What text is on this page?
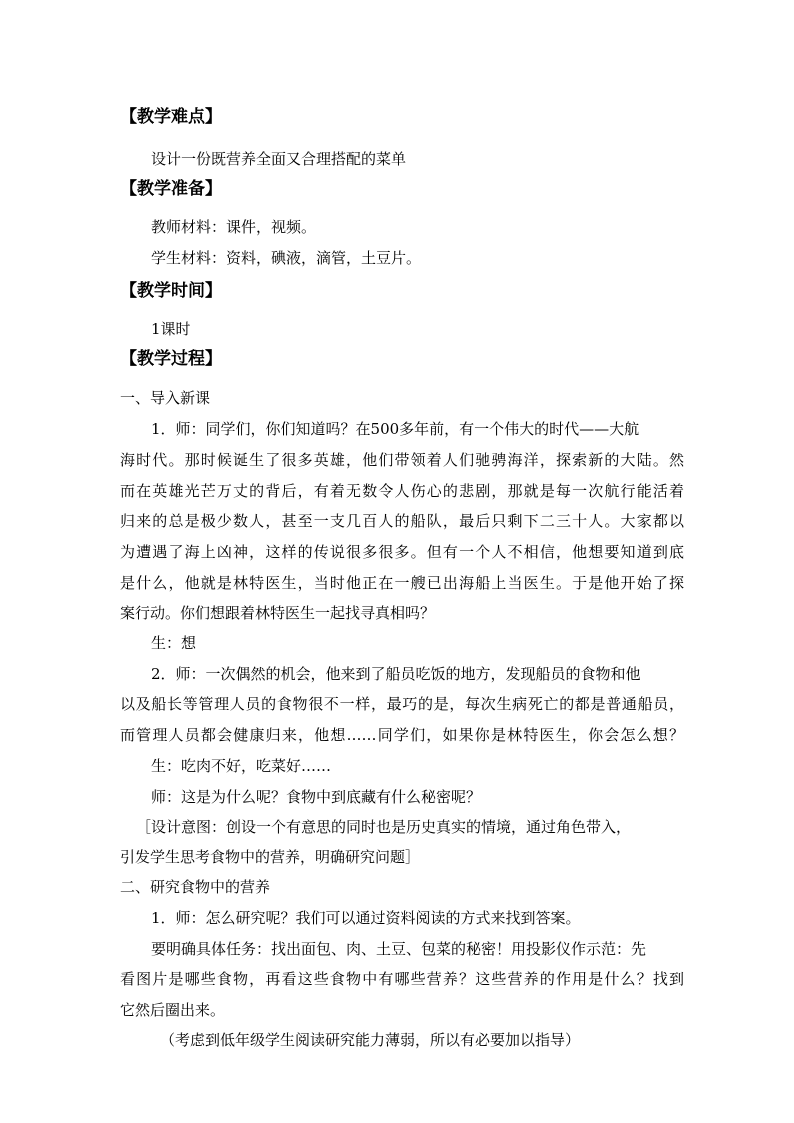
【教学难点】
设计一份既营养全面又合理搭配的菜单
【教学准备】
教师材料：课件，视频。
学生材料：资料，碘液，滴管，土豆片。
【教学时间】
1课时
【教学过程】
一、导入新课
1．师：同学们，你们知道吗？在500多年前，有一个伟大的时代——大航
海时代。那时候诞生了很多英雄，他们带领着人们驰骋海洋，探索新的大陆。然
而在英雄光芒万丈的背后，有着无数令人伤心的悲剧，那就是每一次航行能活着
归来的总是极少数人，甚至一支几百人的船队，最后只剩下二三十人。大家都以
为遭遇了海上凶神，这样的传说很多很多。但有一个人不相信，他想要知道到底
是什么，他就是林特医生，当时他正在一艘已出海船上当医生。于是他开始了探
案行动。你们想跟着林特医生一起找寻真相吗？
生：想
2．师：一次偶然的机会，他来到了船员吃饭的地方，发现船员的食物和他
以及船长等管理人员的食物很不一样，最巧的是，每次生病死亡的都是普通船员，
而管理人员都会健康归来，他想……同学们，如果你是林特医生，你会怎么想？
生：吃肉不好，吃菜好……
师：这是为什么呢？食物中到底藏有什么秘密呢？
［设计意图：创设一个有意思的同时也是历史真实的情境，通过角色带入，
引发学生思考食物中的营养，明确研究问题］
二、研究食物中的营养
1．师：怎么研究呢？我们可以通过资料阅读的方式来找到答案。
要明确具体任务：找出面包、肉、土豆、包菜的秘密！用投影仪作示范：先
看图片是哪些食物，再看这些食物中有哪些营养？这些营养的作用是什么？找到
它然后圈出来。
（考虑到低年级学生阅读研究能力薄弱，所以有必要加以指导）
